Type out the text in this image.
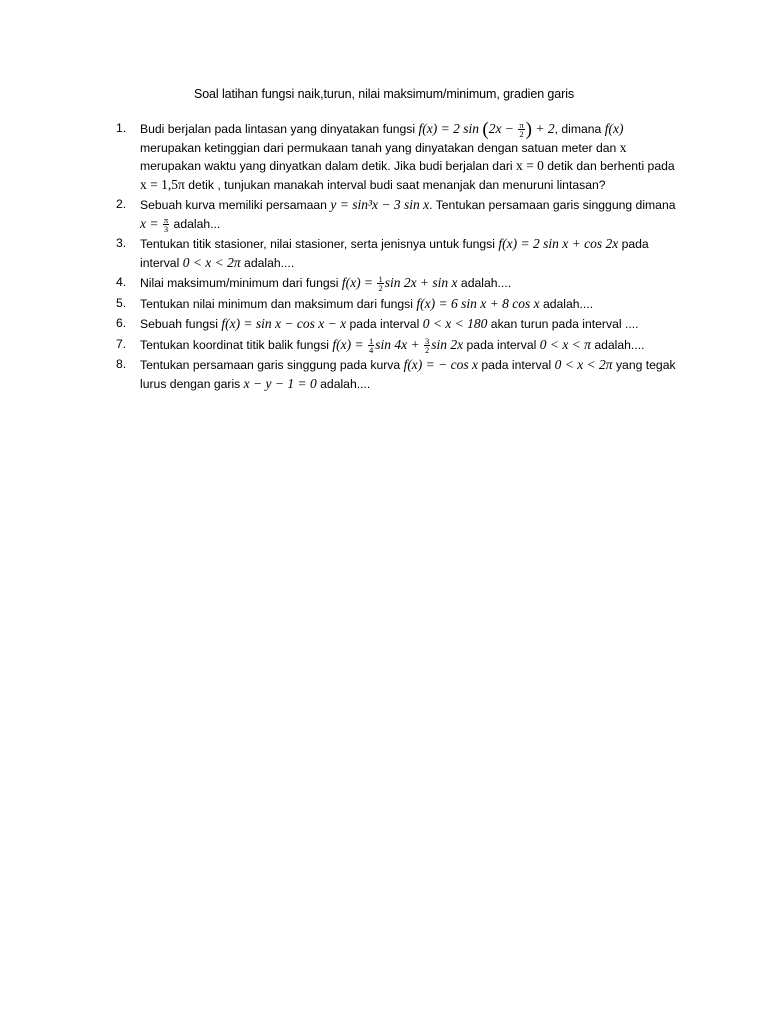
Soal latihan fungsi naik,turun, nilai maksimum/minimum, gradien garis
1. Budi berjalan pada lintasan yang dinyatakan fungsi f(x) = 2 $\sin (2x - \frac{\pi}{2}$ ) + 2, dimana f(x) merupakan ketinggian dari permukaan tanah yang dinyatakan dengan satuan meter dan x merupakan waktu yang dinyatkan dalam detik. Jika budi berjalan dari x = 0 detik dan berhenti pada x = 1,5π detik , tunjukan manakah interval budi saat menanjak dan menuruni lintasan?
2. Sebuah kurva memiliki persamaan y = sin³x − 3 sin x. Tentukan persamaan garis singgung dimana $x = \frac{\pi}{3}$ adalah...
3. Tentukan titik stasioner, nilai stasioner, serta jenisnya untuk fungsi f(x) = 2 sin x + cos 2x pada interval 0 < x < 2π adalah....
4. Nilai maksimum/minimum dari fungsi $f(x) = \frac{1}{2}$ sin 2x + sin x adalah....
5. Tentukan nilai minimum dan maksimum dari fungsi f(x) = 6 sin x + 8 cos x adalah....
6. Sebuah fungsi f(x) = sin x − cos x − x pada interval 0 < x < 180 akan turun pada interval ....
7. Tentukan koordinat titik balik fungsi $f(x) = \frac{1}{4}$ $\sin 4x + \frac{3}{2}$ sin 2x pada interval 0 < x < π adalah....
8. Tentukan persamaan garis singgung pada kurva f(x) = − cos x pada interval 0 < x < 2π yang tegak lurus dengan garis x − y − 1 = 0 adalah....
